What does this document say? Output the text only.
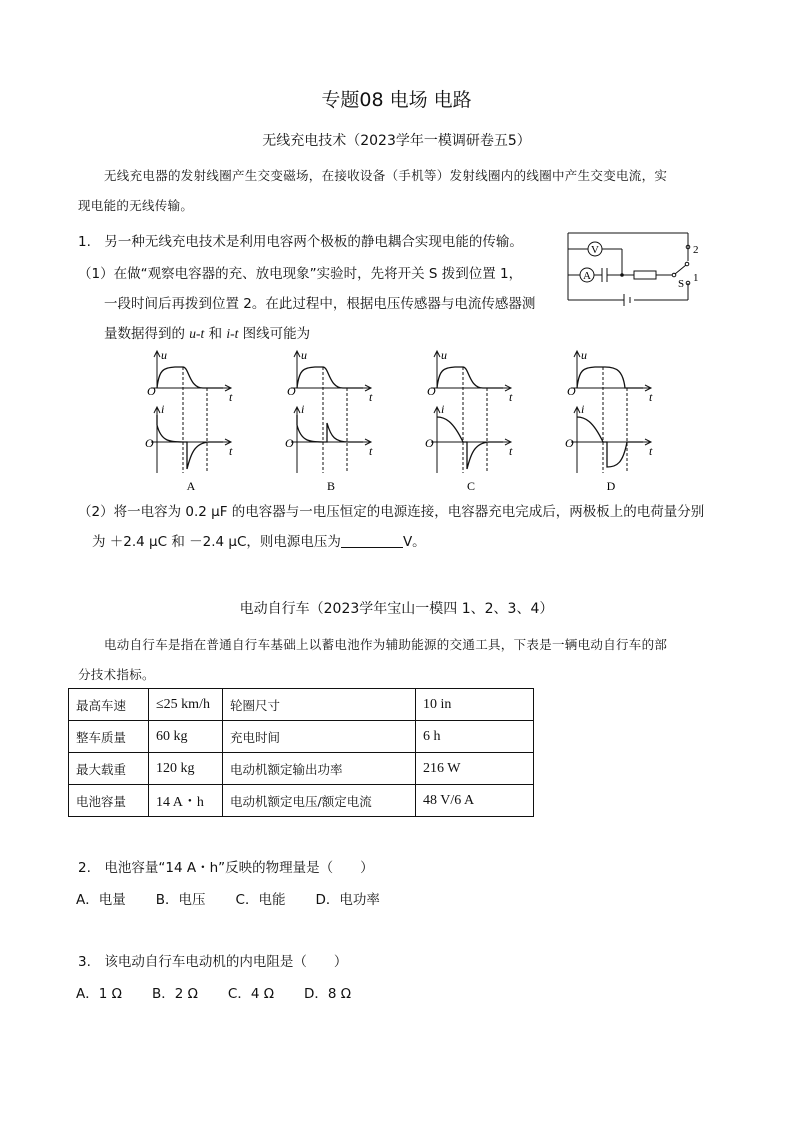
专题08 电场 电路
无线充电技术（2023学年一模调研卷五5）
无线充电器的发射线圈产生交变磁场，在接收设备（手机等）发射线圈内的线圈中产生交变电流，实
现电能的无线传输。
1.　另一种无线充电技术是利用电容两个极板的静电耦合实现电能的传输。
（1）在做“观察电容器的充、放电现象”实验时，先将开关 S 拨到位置 1，
一段时间后再拨到位置 2。在此过程中，根据电压传感器与电流传感器测
量数据得到的 u-t 和 i-t 图线可能为
V
A
S 1
2
u
t
O
i
t
O
A
u
t
O
i
t
O
B
u
t
O
i
t
O
C
u
t
O
i
t
O
D
（2）将一电容为 0.2 μF 的电容器与一电压恒定的电源连接，电容器充电完成后，两极板上的电荷量分别
为 ＋2.4 μC 和 －2.4 μC，则电源电压为	V。
电动自行车（2023学年宝山一模四 1、2、3、4）
电动自行车是指在普通自行车基础上以蓄电池作为辅助能源的交通工具，下表是一辆电动自行车的部
分技术指标。
最高车速	≤25 km/h	轮圈尺寸	10 in
整车质量	60 kg	充电时间	6 h
最大载重	120 kg	电动机额定输出功率	216 W
电池容量	14 A・h	电动机额定电压/额定电流	48 V/6 A
2.　电池容量“14 A・h”反映的物理量是（　　）
A．电量 B．电压 C．电能 D．电功率
3.　该电动自行车电动机的内电阻是（　　）
A．1 Ω B．2 Ω C．4 Ω D．8 Ω
